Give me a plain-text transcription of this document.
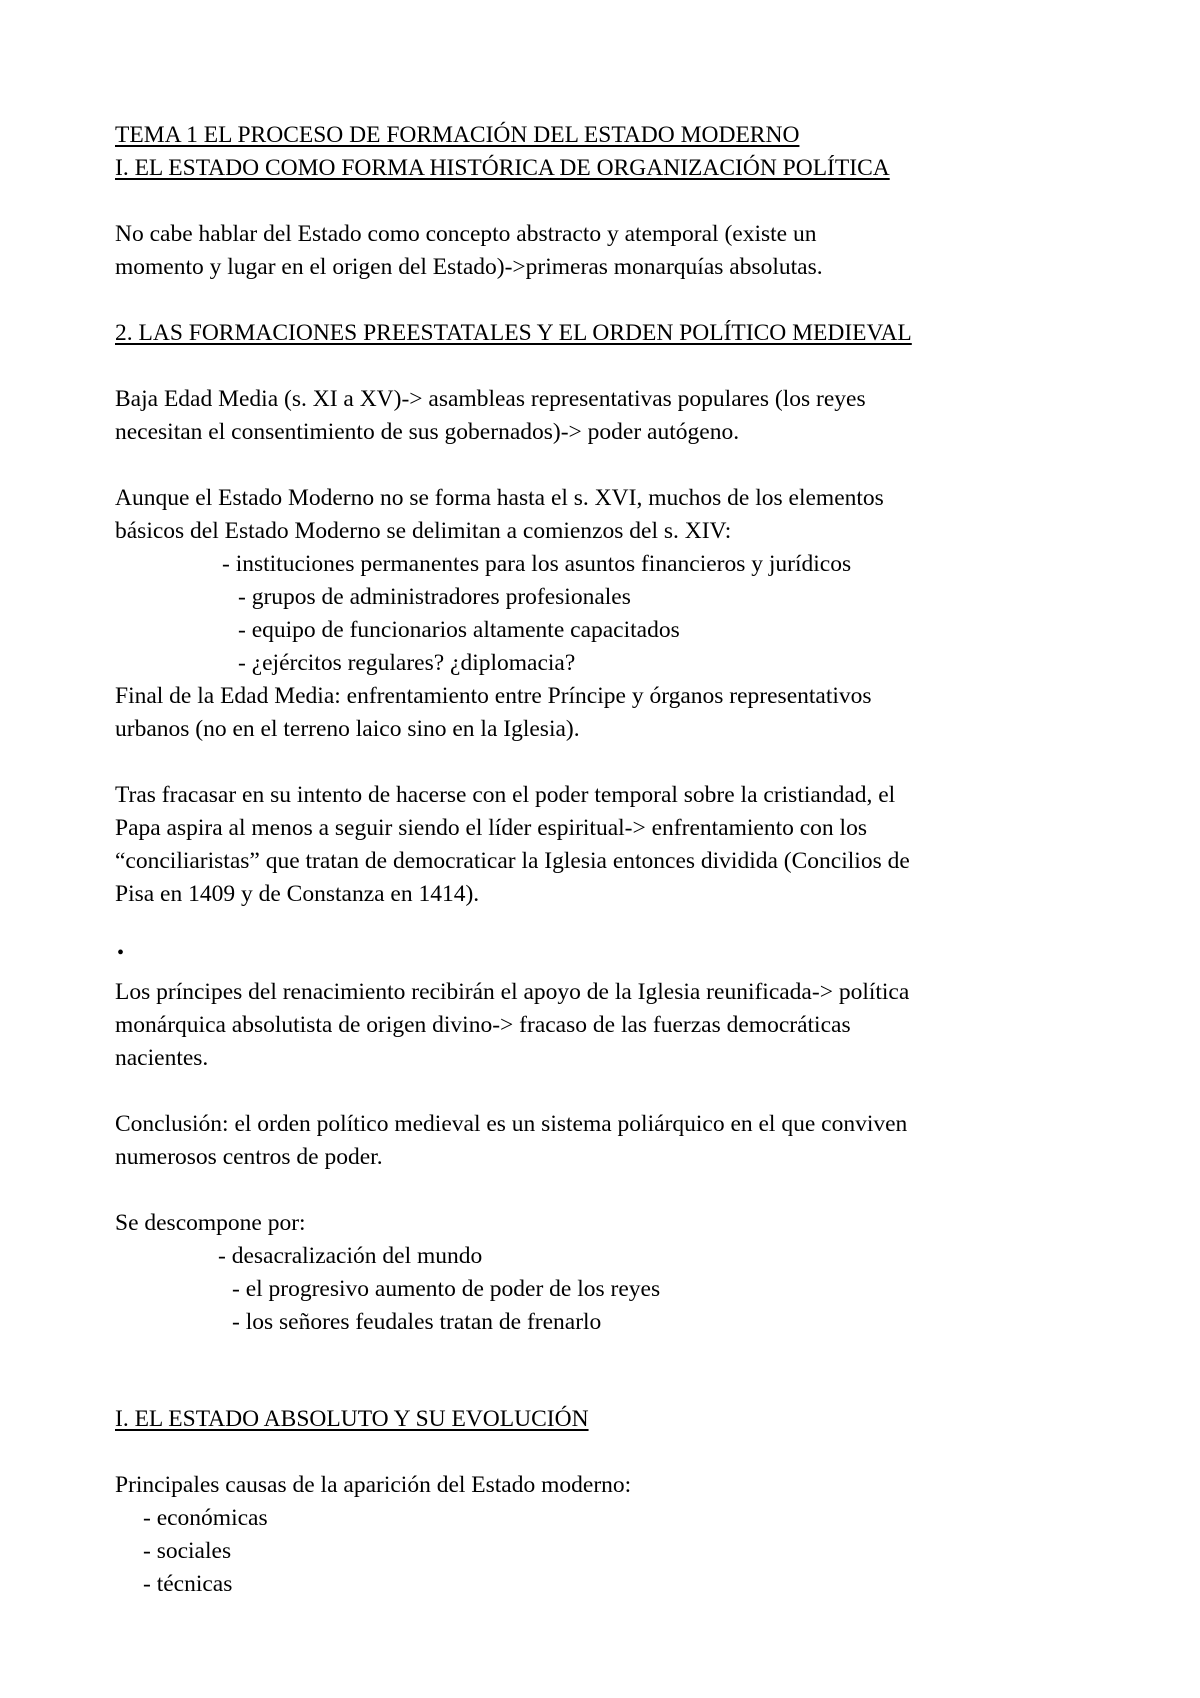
TEMA 1 EL PROCESO DE FORMACIÓN DEL ESTADO MODERNO
I. EL ESTADO COMO FORMA HISTÓRICA DE ORGANIZACIÓN POLÍTICA
No cabe hablar del Estado como concepto abstracto y atemporal (existe un
momento y lugar en el origen del Estado)->primeras monarquías absolutas.
2. LAS FORMACIONES PREESTATALES Y EL ORDEN POLÍTICO MEDIEVAL
Baja Edad Media (s. XI a XV)-> asambleas representativas populares (los reyes
necesitan el consentimiento de sus gobernados)-> poder autógeno.
Aunque el Estado Moderno no se forma hasta el s. XVI, muchos de los elementos
básicos del Estado Moderno se delimitan a comienzos del s. XIV:
- instituciones permanentes para los asuntos financieros y jurídicos
- grupos de administradores profesionales
- equipo de funcionarios altamente capacitados
- ¿ejércitos regulares? ¿diplomacia?
Final de la Edad Media: enfrentamiento entre Príncipe y órganos representativos
urbanos (no en el terreno laico sino en la Iglesia).
Tras fracasar en su intento de hacerse con el poder temporal sobre la cristiandad, el
Papa aspira al menos a seguir siendo el líder espiritual-> enfrentamiento con los
“conciliaristas” que tratan de democraticar la Iglesia entonces dividida (Concilios de
Pisa en 1409 y de Constanza en 1414).
•
Los príncipes del renacimiento recibirán el apoyo de la Iglesia reunificada-> política
monárquica absolutista de origen divino-> fracaso de las fuerzas democráticas
nacientes.
Conclusión: el orden político medieval es un sistema poliárquico en el que conviven
numerosos centros de poder.
Se descompone por:
- desacralización del mundo
- el progresivo aumento de poder de los reyes
- los señores feudales tratan de frenarlo
I. EL ESTADO ABSOLUTO Y SU EVOLUCIÓN
Principales causas de la aparición del Estado moderno:
- económicas
- sociales
- técnicas
